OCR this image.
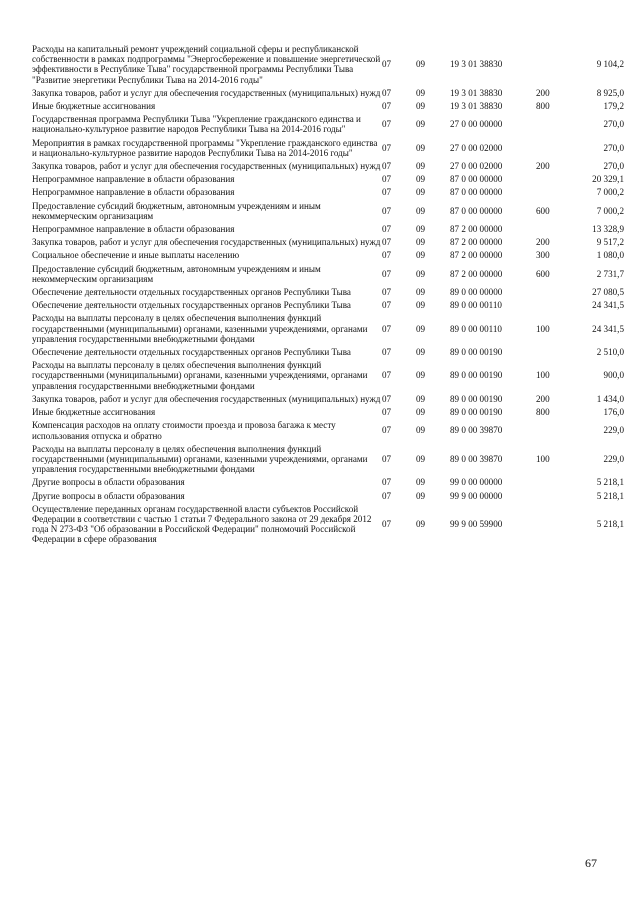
Расходы на капитальный ремонт учреждений социальной сферы и республиканской собственности в рамках подпрограммы "Энергосбережение и повышение энергетической эффективности в Республике Тыва" государственной программы Республики Тыва "Развитие энергетики Республики Тыва на 2014-2016 годы"	07	09	19 3 01 38830		9 104,2
Закупка товаров, работ и услуг для обеспечения государственных (муниципальных) нужд	07	09	19 3 01 38830	200	8 925,0
Иные бюджетные ассигнования	07	09	19 3 01 38830	800	179,2
Государственная программа Республики Тыва "Укрепление гражданского единства и национально-культурное развитие народов Республики Тыва на 2014-2016 годы"	07	09	27 0 00 00000		270,0
Мероприятия в рамках государственной программы "Укрепление гражданского единства и национально-культурное развитие народов Республики Тыва на 2014-2016 годы"	07	09	27 0 00 02000		270,0
Закупка товаров, работ и услуг для обеспечения государственных (муниципальных) нужд	07	09	27 0 00 02000	200	270,0
Непрограммное направление в области образования	07	09	87 0 00 00000		20 329,1
Непрограммное направление в области образования	07	09	87 0 00 00000		7 000,2
Предоставление субсидий бюджетным, автономным учреждениям и иным некоммерческим организациям	07	09	87 0 00 00000	600	7 000,2
Непрограммное направление в области образования	07	09	87 2 00 00000		13 328,9
Закупка товаров, работ и услуг для обеспечения государственных (муниципальных) нужд	07	09	87 2 00 00000	200	9 517,2
Социальное обеспечение и иные выплаты населению	07	09	87 2 00 00000	300	1 080,0
Предоставление субсидий бюджетным, автономным учреждениям и иным некоммерческим организациям	07	09	87 2 00 00000	600	2 731,7
Обеспечение деятельности отдельных государственных органов Республики Тыва	07	09	89 0 00 00000		27 080,5
Обеспечение деятельности отдельных государственных органов Республики Тыва	07	09	89 0 00 00110		24 341,5
Расходы на выплаты персоналу в целях обеспечения выполнения функций государственными (муниципальными) органами, казенными учреждениями, органами управления государственными внебюджетными фондами	07	09	89 0 00 00110	100	24 341,5
Обеспечение деятельности отдельных государственных органов Республики Тыва	07	09	89 0 00 00190		2 510,0
Расходы на выплаты персоналу в целях обеспечения выполнения функций государственными (муниципальными) органами, казенными учреждениями, органами управления государственными внебюджетными фондами	07	09	89 0 00 00190	100	900,0
Закупка товаров, работ и услуг для обеспечения государственных (муниципальных) нужд	07	09	89 0 00 00190	200	1 434,0
Иные бюджетные ассигнования	07	09	89 0 00 00190	800	176,0
Компенсация расходов на оплату стоимости проезда и провоза багажа к месту использования отпуска и обратно	07	09	89 0 00 39870		229,0
Расходы на выплаты персоналу в целях обеспечения выполнения функций государственными (муниципальными) органами, казенными учреждениями, органами управления государственными внебюджетными фондами	07	09	89 0 00 39870	100	229,0
Другие вопросы в области образования	07	09	99 0 00 00000		5 218,1
Другие вопросы в области образования	07	09	99 9 00 00000		5 218,1
Осуществление переданных органам государственной власти субъектов Российской Федерации в соответствии с частью 1 статьи 7 Федерального закона от 29 декабря 2012 года N 273-ФЗ "Об образовании в Российской Федерации" полномочий Российской Федерации в сфере образования	07	09	99 9 00 59900		5 218,1
67
